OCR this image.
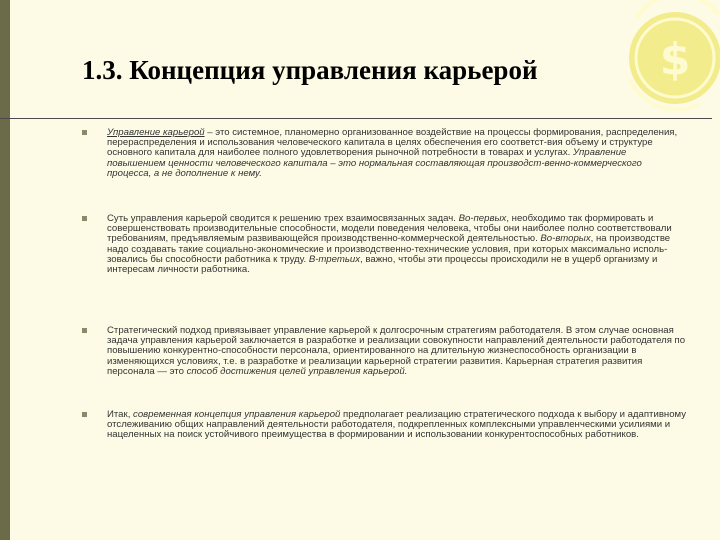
$
1.3. Концепция управления карьерой
Управление карьерой – это системное, планомерно организованное воздействие на процессы формирования, распределения, перераспределения и использования человеческого капитала в целях обеспечения его соответст-вия объему и структуре основного капитала для наиболее полного удовлетворения рыночной потребности в товарах и услугах. Управление повышением ценности человеческого капитала – это нормальная составляющая производст-венно-коммерческого процесса, а не дополнение к нему.
Суть управления карьерой сводится к решению трех взаимосвязанных задач. Во-первых, необходимо так формировать и совершенствовать производительные способности, модели поведения человека, чтобы они наиболее полно соответствовали требованиям, предъявляемым развивающейся производственно-коммерческой деятельностью. Во-вторых, на производстве надо создавать такие социально-экономические и производственно-технические условия, при которых максимально исполь-зовались бы способности работника к труду. В-третьих, важно, чтобы эти процессы происходили не в ущерб организму и интересам личности работника.
Стратегический подход привязывает управление карьерой к долгосрочным стратегиям работодателя. В этом случае основная задача управления карьерой заключается в разработке и реализации совокупности направлений деятельности работодателя по повышению конкурентно-способности персонала, ориентированного на длительную жизнеспособность организации в изменяющихся условиях, т.е. в разработке и реализации карьерной стратегии развития. Карьерная стратегия развития персонала — это способ достижения целей управления карьерой.
Итак, современная концепция управления карьерой предполагает реализацию стратегического подхода к выбору и адаптивному отслеживанию общих направлений деятельности работодателя, подкрепленных комплексными управленческими усилиями и нацеленных на поиск устойчивого преимущества в формировании и использовании конкурентоспособных работников.
